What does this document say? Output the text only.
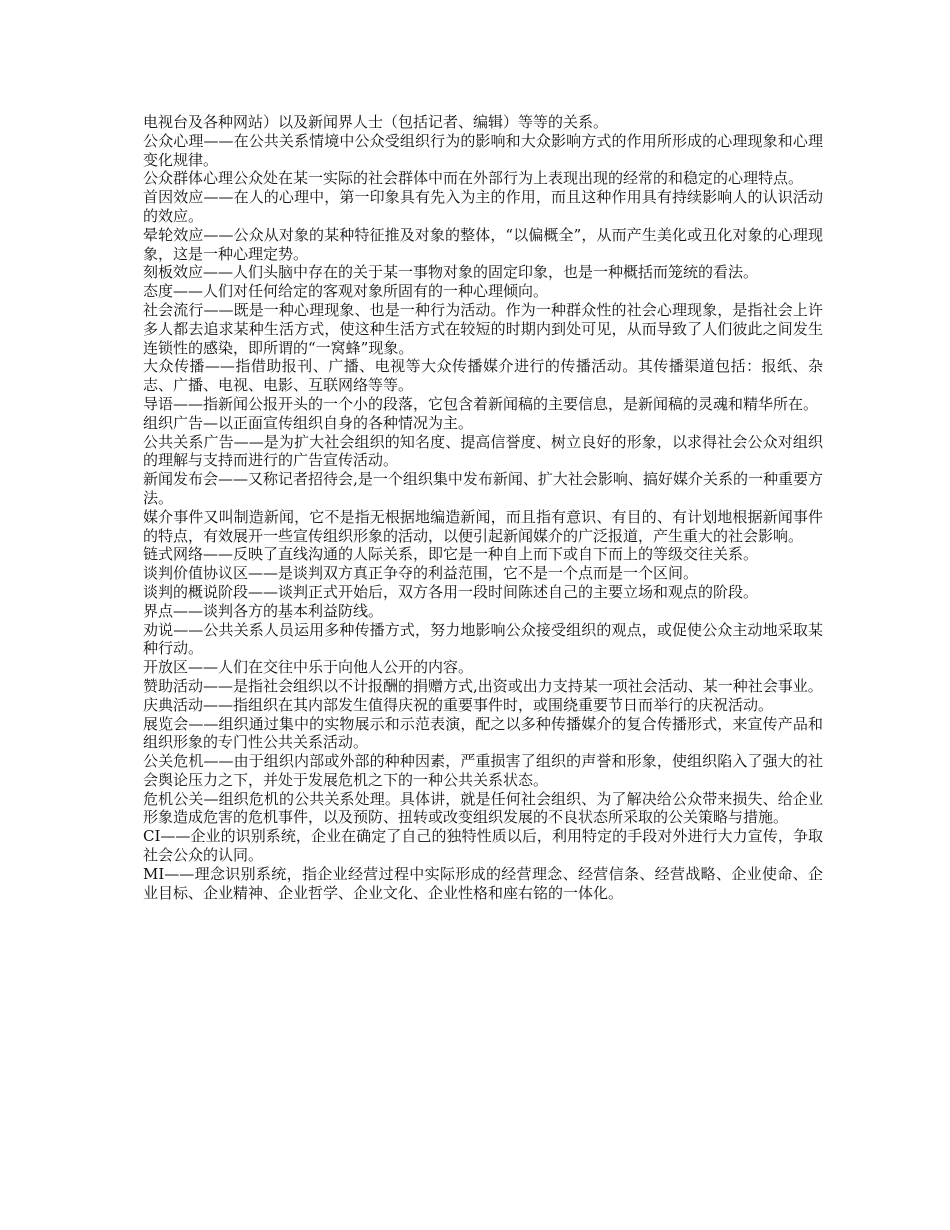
电视台及各种网站）以及新闻界人士（包括记者、编辑）等等的关系。

公众心理——在公共关系情境中公众受组织行为的影响和大众影响方式的作用所形成的心理现象和心理变化规律。

公众群体心理公众处在某一实际的社会群体中而在外部行为上表现出现的经常的和稳定的心理特点。

首因效应——在人的心理中，第一印象具有先入为主的作用，而且这种作用具有持续影响人的认识活动的效应。

晕轮效应——公众从对象的某种特征推及对象的整体，“以偏概全”，从而产生美化或丑化对象的心理现象，这是一种心理定势。

刻板效应——人们头脑中存在的关于某一事物对象的固定印象，也是一种概括而笼统的看法。

态度——人们对任何给定的客观对象所固有的一种心理倾向。

社会流行——既是一种心理现象、也是一种行为活动。作为一种群众性的社会心理现象，是指社会上许多人都去追求某种生活方式，使这种生活方式在较短的时期内到处可见，从而导致了人们彼此之间发生连锁性的感染，即所谓的“一窝蜂”现象。

大众传播——指借助报刊、广播、电视等大众传播媒介进行的传播活动。其传播渠道包括：报纸、杂志、广播、电视、电影、互联网络等等。

导语——指新闻公报开头的一个小的段落，它包含着新闻稿的主要信息，是新闻稿的灵魂和精华所在。

组织广告—以正面宣传组织自身的各种情况为主。

公共关系广告——是为扩大社会组织的知名度、提高信誉度、树立良好的形象，以求得社会公众对组织的理解与支持而进行的广告宣传活动。

新闻发布会——又称记者招待会,是一个组织集中发布新闻、扩大社会影响、搞好媒介关系的一种重要方法。

媒介事件又叫制造新闻，它不是指无根据地编造新闻，而且指有意识、有目的、有计划地根据新闻事件的特点，有效展开一些宣传组织形象的活动，以便引起新闻媒介的广泛报道，产生重大的社会影响。

链式网络——反映了直线沟通的人际关系，即它是一种自上而下或自下而上的等级交往关系。

谈判价值协议区——是谈判双方真正争夺的利益范围，它不是一个点而是一个区间。

谈判的概说阶段——谈判正式开始后，双方各用一段时间陈述自己的主要立场和观点的阶段。

界点——谈判各方的基本利益防线。

劝说——公共关系人员运用多种传播方式，努力地影响公众接受组织的观点，或促使公众主动地采取某种行动。

开放区——人们在交往中乐于向他人公开的内容。

赞助活动——是指社会组织以不计报酬的捐赠方式,出资或出力支持某一项社会活动、某一种社会事业。

庆典活动——指组织在其内部发生值得庆祝的重要事件时，或围绕重要节日而举行的庆祝活动。

展览会——组织通过集中的实物展示和示范表演，配之以多种传播媒介的复合传播形式，来宣传产品和组织形象的专门性公共关系活动。

公关危机——由于组织内部或外部的种种因素，严重损害了组织的声誉和形象，使组织陷入了强大的社会舆论压力之下，并处于发展危机之下的一种公共关系状态。

危机公关—组织危机的公共关系处理。具体讲，就是任何社会组织、为了解决给公众带来损失、给企业形象造成危害的危机事件，以及预防、扭转或改变组织发展的不良状态所采取的公关策略与措施。

CI——企业的识别系统，企业在确定了自己的独特性质以后，利用特定的手段对外进行大力宣传，争取社会公众的认同。

MI——理念识别系统，指企业经营过程中实际形成的经营理念、经营信条、经营战略、企业使命、企业目标、企业精神、企业哲学、企业文化、企业性格和座右铭的一体化。
